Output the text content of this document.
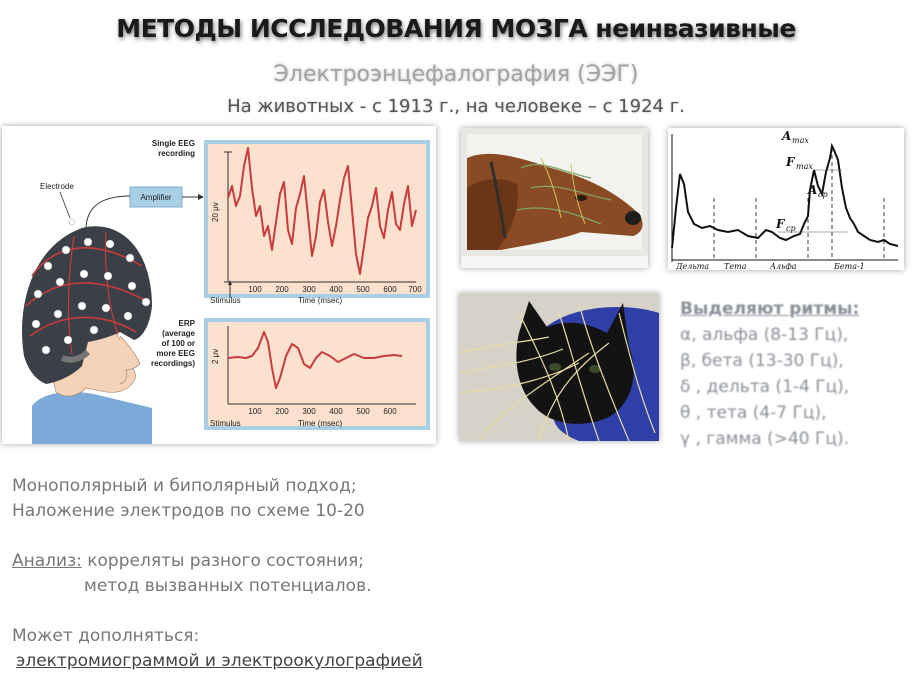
МЕТОДЫ ИССЛЕДОВАНИЯ МОЗГА неинвазивные
Электроэнцефалография (ЭЭГ)
На животных - с 1913 г., на человеке – с 1924 г.
20 μv
Single EEG
recording
100 200 300 400 500 600 700
Stimulus	Time (msec)
2 μv
ERP
(average
of 100 or
more EEG
recordings)
100 200 300 400 500 600
Stimulus	Time (msec)
Amplifier
Electrode
A max
F max
A ср
F ср
Дельта Тета	Альфа	Бета-1
Выделяют ритмы:
α, альфа (8-13 Гц),
β, бета (13-30 Гц),
δ , дельта (1-4 Гц),
θ , тета (4-7 Гц),
γ , гамма (>40 Гц).
Монополярный и биполярный подход;
Наложение электродов по схеме 10-20
Анализ: корреляты разного состояния;
метод вызванных потенциалов.
Может дополняться:
электромиограммой и электроокулографией
